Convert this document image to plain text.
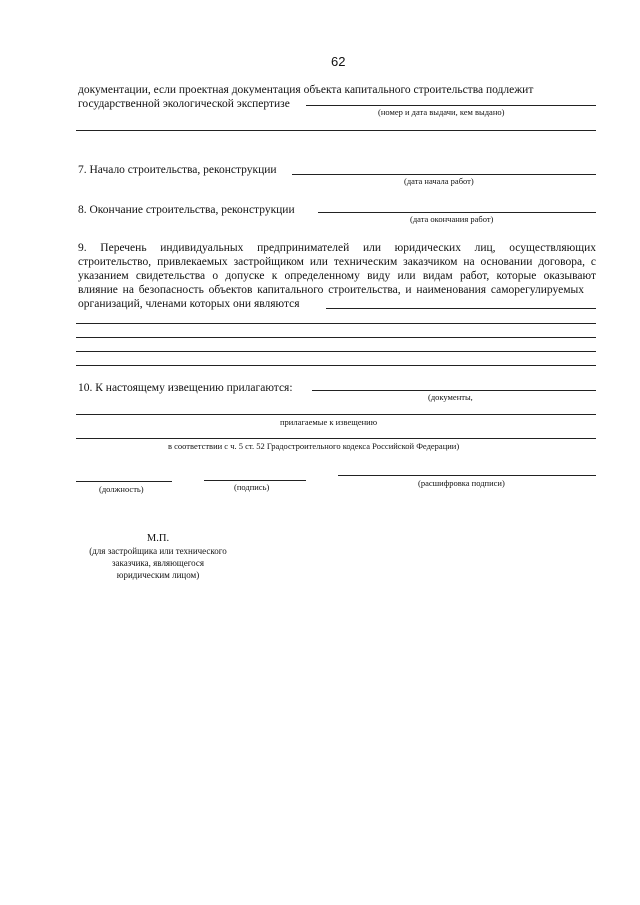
62
документации, если проектная документация объекта капитального строительства подлежит
государственной экологической экспертизе
(номер и дата выдачи, кем выдано)
7. Начало строительства, реконструкции
(дата начала работ)
8. Окончание строительства, реконструкции
(дата окончания работ)
9. Перечень индивидуальных предпринимателей или юридических лиц, осуществляющих
строительство, привлекаемых застройщиком или техническим заказчиком на основании договора, с
указанием свидетельства о допуске к определенному виду или видам работ, которые оказывают
влияние на безопасность объектов капитального строительства, и наименования саморегулируемых
организаций, членами которых они являются
10. К настоящему извещению прилагаются:
(документы,
прилагаемые к извещению
в соответствии с ч. 5 ст. 52 Градостроительного кодекса Российской Федерации)
(должность)	(подпись)	(расшифровка подписи)
М.П.
(для застройщика или технического
заказчика, являющегося
юридическим лицом)
